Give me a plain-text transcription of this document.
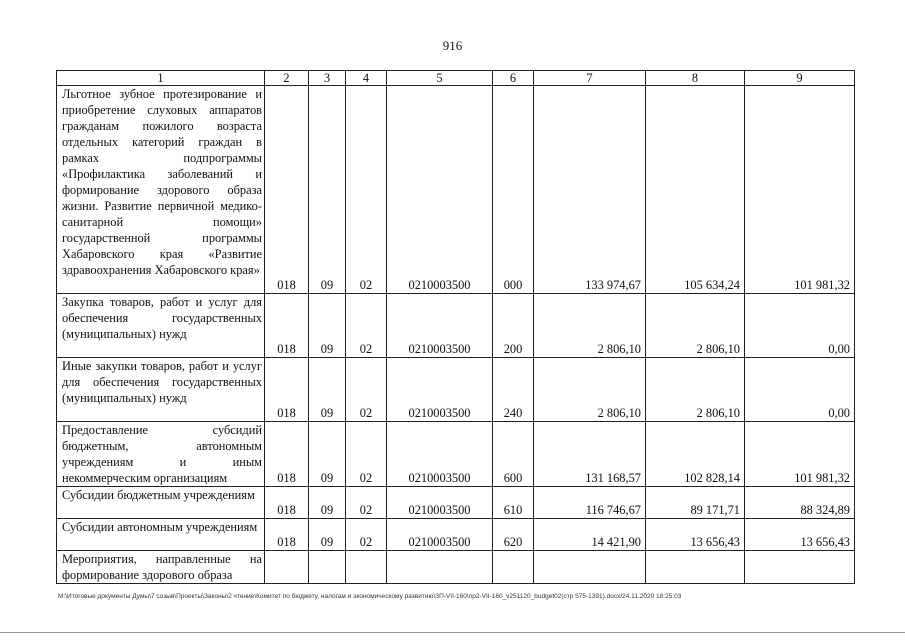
916
1	2	3	4	5	6	7	8	9
Льготное зубное протезирование и приобретение слуховых аппаратов гражданам пожилого возраста отдельных категорий граждан в рамках подпрограммы «Профилактика заболеваний и формирование здорового образа жизни. Развитие первичной медико-санитарной помощи» государственной программы Хабаровского края «Развитие здравоохранения Хабаровского края»	018	09	02	0210003500	000	133 974,67	105 634,24	101 981,32
Закупка товаров, работ и услуг для обеспечения государственных (муниципальных) нужд	018	09	02	0210003500	200	2 806,10	2 806,10	0,00
Иные закупки товаров, работ и услуг для обеспечения государственных (муниципальных) нужд	018	09	02	0210003500	240	2 806,10	2 806,10	0,00
Предоставление субсидий бюджетным, автономным учреждениям и иным некоммерческим организациям	018	09	02	0210003500	600	131 168,57	102 828,14	101 981,32
Субсидии бюджетным учреждениям	018	09	02	0210003500	610	116 746,67	89 171,71	88 324,89
Субсидии автономным учреждениям	018	09	02	0210003500	620	14 421,90	13 656,43	13 656,43
Мероприятия, направленные на формирование здорового образа								
M:\Итоговые документы Думы\7 созыв\Проекты\Законы\2 чтение\Комитет по бюджету, налогам и экономическому развитию\ЗП-VII-160\пр2-VII-160_v251120_budget02(стр 575-1391).docx/24.11.2020 18:25:03
